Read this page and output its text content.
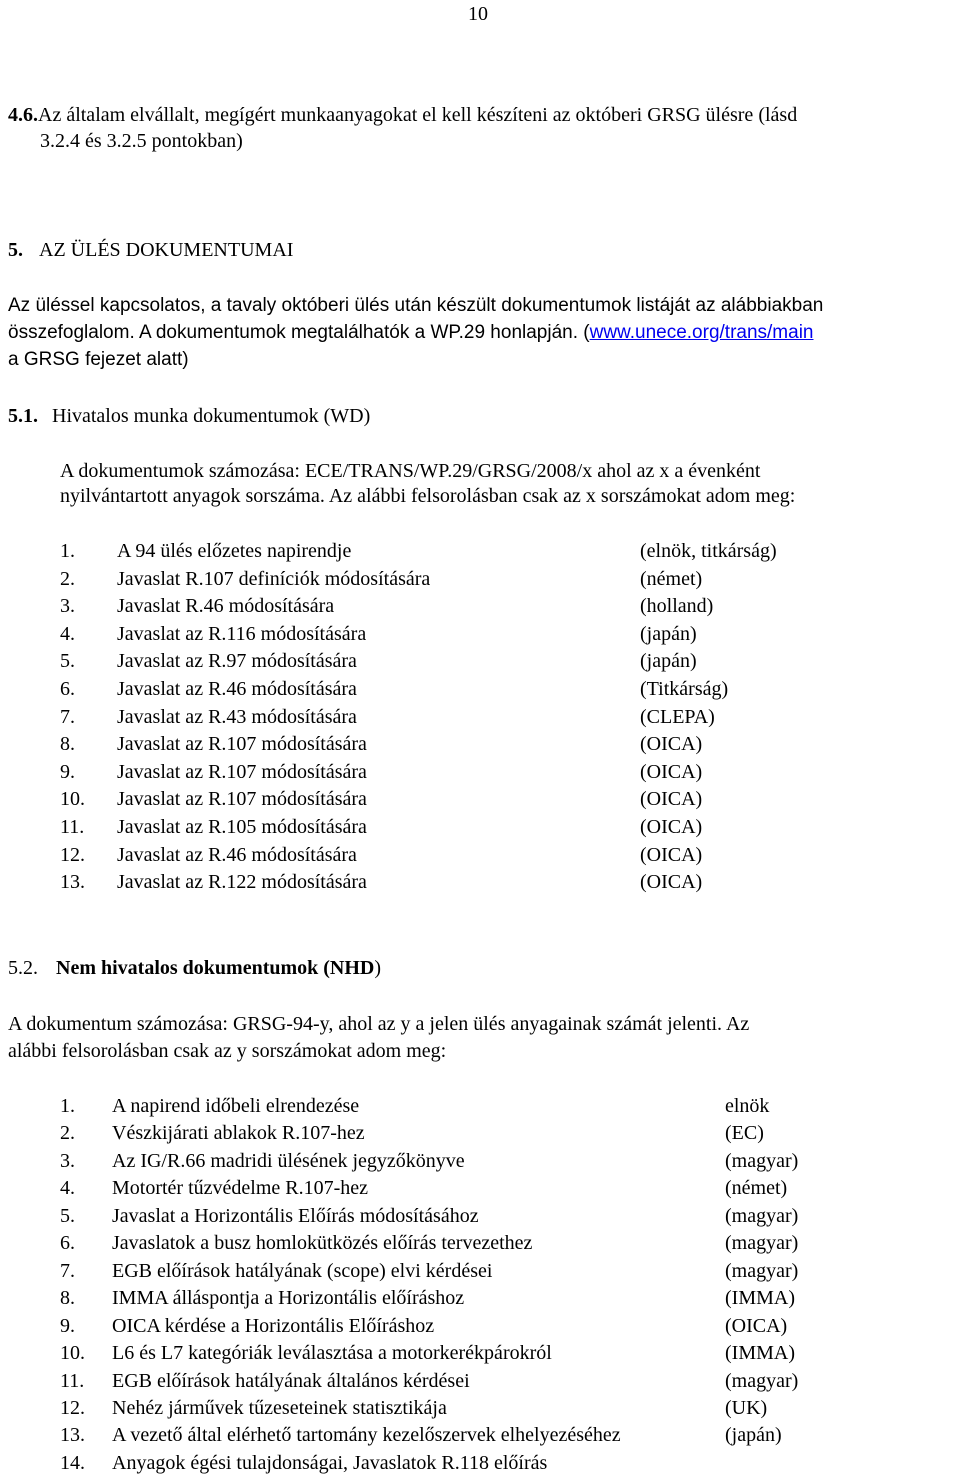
10
4.6.Az általam elvállalt, megígért munkaanyagokat el kell készíteni az októberi GRSG ülésre (lásd
3.2.4 és 3.2.5 pontokban)
5. AZ ÜLÉS DOKUMENTUMAI
Az üléssel kapcsolatos, a tavaly októberi ülés után készült dokumentumok listáját az alábbiakban
összefoglalom. A dokumentumok megtalálhatók a WP.29 honlapján. (www.unece.org/trans/main
a GRSG fejezet alatt)
5.1. Hivatalos munka dokumentumok (WD)
A dokumentumok számozása: ECE/TRANS/WP.29/GRSG/2008/x ahol az x a évenként
nyilvántartott anyagok sorszáma. Az alábbi felsorolásban csak az x sorszámokat adom meg:
1. A 94 ülés előzetes napirendje	(elnök, titkárság)
2. Javaslat R.107 definíciók módosítására	(német)
3. Javaslat R.46 módosítására	(holland)
4. Javaslat az R.116 módosítására	(japán)
5. Javaslat az R.97 módosítására	(japán)
6. Javaslat az R.46 módosítására	(Titkárság)
7. Javaslat az R.43 módosítására	(CLEPA)
8. Javaslat az R.107 módosítására	(OICA)
9. Javaslat az R.107 módosítására	(OICA)
10. Javaslat az R.107 módosítására	(OICA)
11. Javaslat az R.105 módosítására	(OICA)
12. Javaslat az R.46 módosítására	(OICA)
13. Javaslat az R.122 módosítására	(OICA)
5.2. Nem hivatalos dokumentumok (NHD)
A dokumentum számozása: GRSG-94-y, ahol az y a jelen ülés anyagainak számát jelenti. Az
alábbi felsorolásban csak az y sorszámokat adom meg:
1. A napirend időbeli elrendezése	elnök
2. Vészkijárati ablakok R.107-hez	(EC)
3. Az IG/R.66 madridi ülésének jegyzőkönyve	(magyar)
4. Motortér tűzvédelme R.107-hez	(német)
5. Javaslat a Horizontális Előírás módosításához	(magyar)
6. Javaslatok a busz homlokütközés előírás tervezethez	(magyar)
7. EGB előírások hatályának (scope) elvi kérdései	(magyar)
8. IMMA álláspontja a Horizontális előíráshoz	(IMMA)
9. OICA kérdése a Horizontális Előíráshoz	(OICA)
10. L6 és L7 kategóriák leválasztása a motorkerékpárokról	(IMMA)
11. EGB előírások hatályának általános kérdései	(magyar)
12. Nehéz járművek tűzeseteinek statisztikája	(UK)
13. A vezető által elérhető tartomány kezelőszervek elhelyezéséhez	(japán)
14. Anyagok égési tulajdonságai, Javaslatok R.118 előírás
